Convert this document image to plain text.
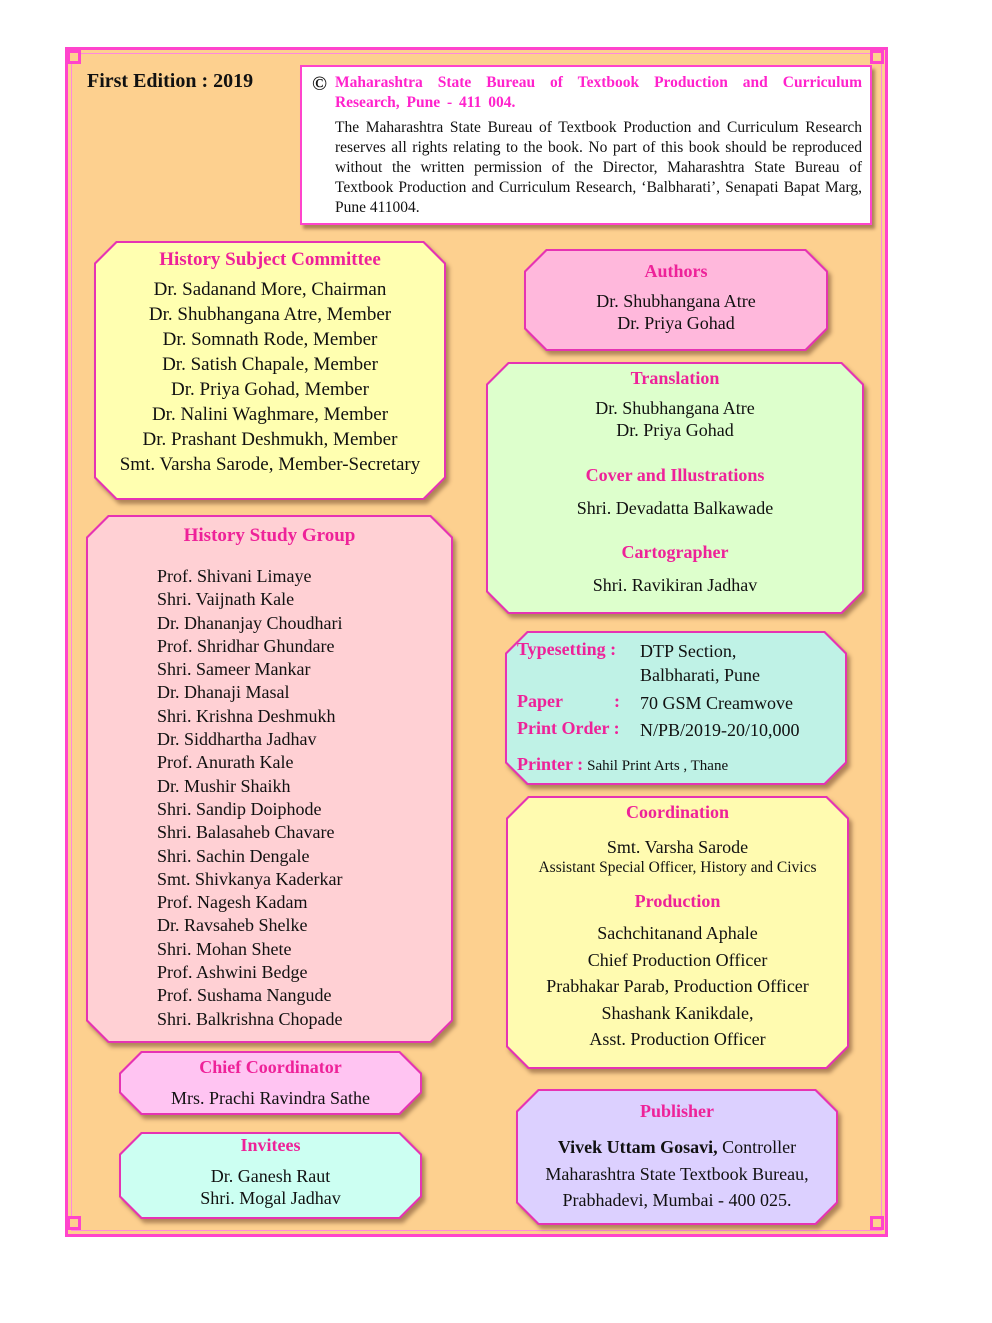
First Edition : 2019	© Maharashtra State Bureau of Textbook Production and Curriculum Research, Pune - 411 004.
The Maharashtra State Bureau of Textbook Production and Curriculum Research reserves all rights relating to the book. No part of this book should be reproduced without the written permission of the Director, Maharashtra State Bureau of Textbook Production and Curriculum Research, ‘Balbharati’, Senapati Bapat Marg, Pune 411004.
History Subject Committee
Dr. Sadanand More, Chairman
Dr. Shubhangana Atre, Member
Dr. Somnath Rode, Member
Dr. Satish Chapale, Member
Dr. Priya Gohad, Member
Dr. Nalini Waghmare, Member
Dr. Prashant Deshmukh, Member
Smt. Varsha Sarode, Member-Secretary
History Study Group
Prof. Shivani Limaye
Shri. Vaijnath Kale
Dr. Dhananjay Choudhari
Prof. Shridhar Ghundare
Shri. Sameer Mankar
Dr. Dhanaji Masal
Shri. Krishna Deshmukh
Dr. Siddhartha Jadhav
Prof. Anurath Kale
Dr. Mushir Shaikh
Shri. Sandip Doiphode
Shri. Balasaheb Chavare
Shri. Sachin Dengale
Smt. Shivkanya Kaderkar
Prof. Nagesh Kadam
Dr. Ravsaheb Shelke
Shri. Mohan Shete
Prof. Ashwini Bedge
Prof. Sushama Nangude
Shri. Balkrishna Chopade
Chief Coordinator
Mrs. Prachi Ravindra Sathe
Invitees
Dr. Ganesh Raut
Shri. Mogal Jadhav
Authors
Dr. Shubhangana Atre
Dr. Priya Gohad
Translation
Dr. Shubhangana Atre
Dr. Priya Gohad
Cover and Illustrations
Shri. Devadatta Balkawade
Cartographer
Shri. Ravikiran Jadhav
Typesetting :	DTP Section,
Balbharati, Pune
Paper	:	70 GSM Creamwove
Print Order :	N/PB/2019-20/10,000
Printer : Sahil Print Arts , Thane
Coordination
Smt. Varsha Sarode
Assistant Special Officer, History and Civics
Production
Sachchitanand Aphale
Chief Production Officer
Prabhakar Parab, Production Officer
Shashank Kanikdale,
Asst. Production Officer
Publisher
Vivek Uttam Gosavi, Controller
Maharashtra State Textbook Bureau,
Prabhadevi, Mumbai - 400 025.
